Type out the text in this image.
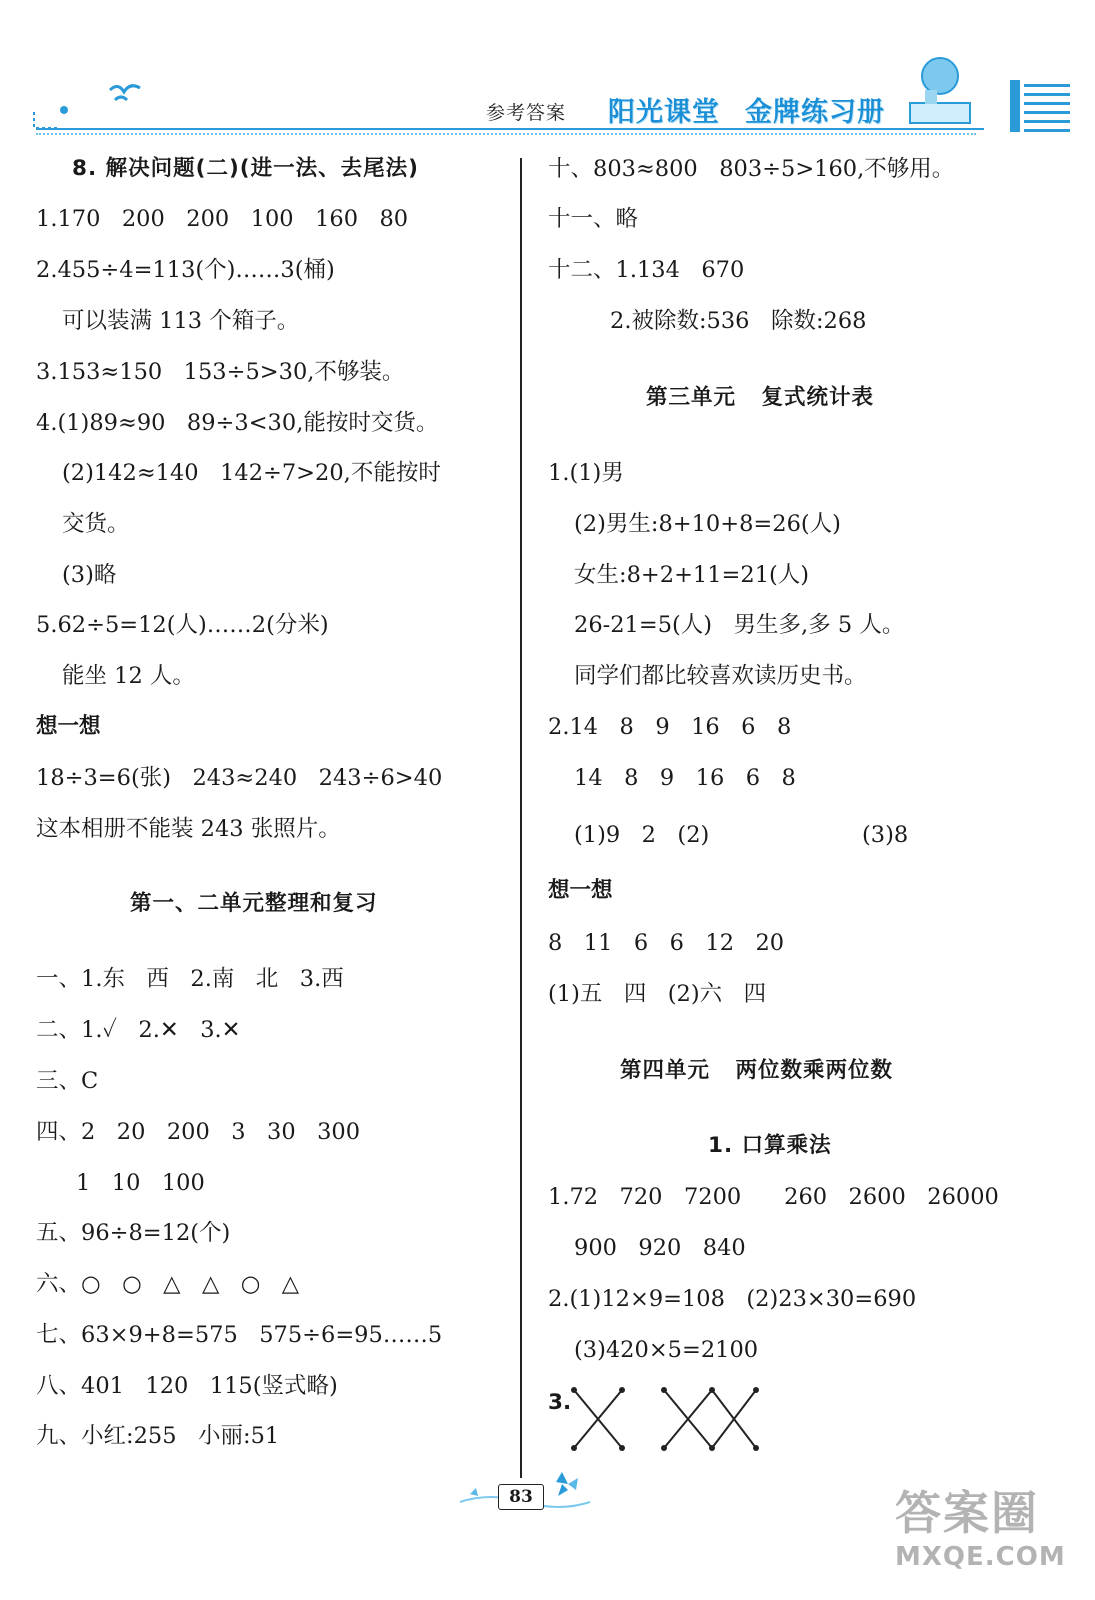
参考答案 阳光课堂 金牌练习册
8. 解决问题(二)(进一法、去尾法)
1.170   200   200   100   160   80
2.455÷4=113(个)……3(桶)
可以装满 113 个箱子。
3.153≈150   153÷5>30,不够装。
4.(1)89≈90   89÷3<30,能按时交货。
(2)142≈140   142÷7>20,不能按时
交货。
(3)略
5.62÷5=12(人)……2(分米)
能坐 12 人。
想一想
18÷3=6(张)   243≈240   243÷6>40
这本相册不能装 243 张照片。
第一、二单元整理和复习
一、1.东   西   2.南   北   3.西
二、1.✓   2.✕   3.✕
三、C
四、2   20   200   3   30   300
1   10   100
五、96÷8=12(个)
六、○   ○   △   △   ○   △
七、63×9+8=575   575÷6=95……5
八、401   120   115(竖式略)
九、小红:255   小丽:51
十、803≈800   803÷5>160,不够用。
十一、略
十二、1.134   670
2.被除数:536   除数:268
第三单元   复式统计表
1.(1)男
(2)男生:8+10+8=26(人)
女生:8+2+11=21(人)
26-21=5(人)   男生多,多 5 人。
同学们都比较喜欢读历史书。
2.14   8   9   16   6   8
14   8   9   16   6   8
(1)9   2   (2)	(3)8
想一想
8   11   6   6   12   20
(1)五   四   (2)六   四
第四单元   两位数乘两位数
1. 口算乘法
1.72   720   7200      260   2600   26000
900   920   840
2.(1)12×9=108   (2)23×30=690
(3)420×5=2100
3.
83	答案圈
MXQE.COM
